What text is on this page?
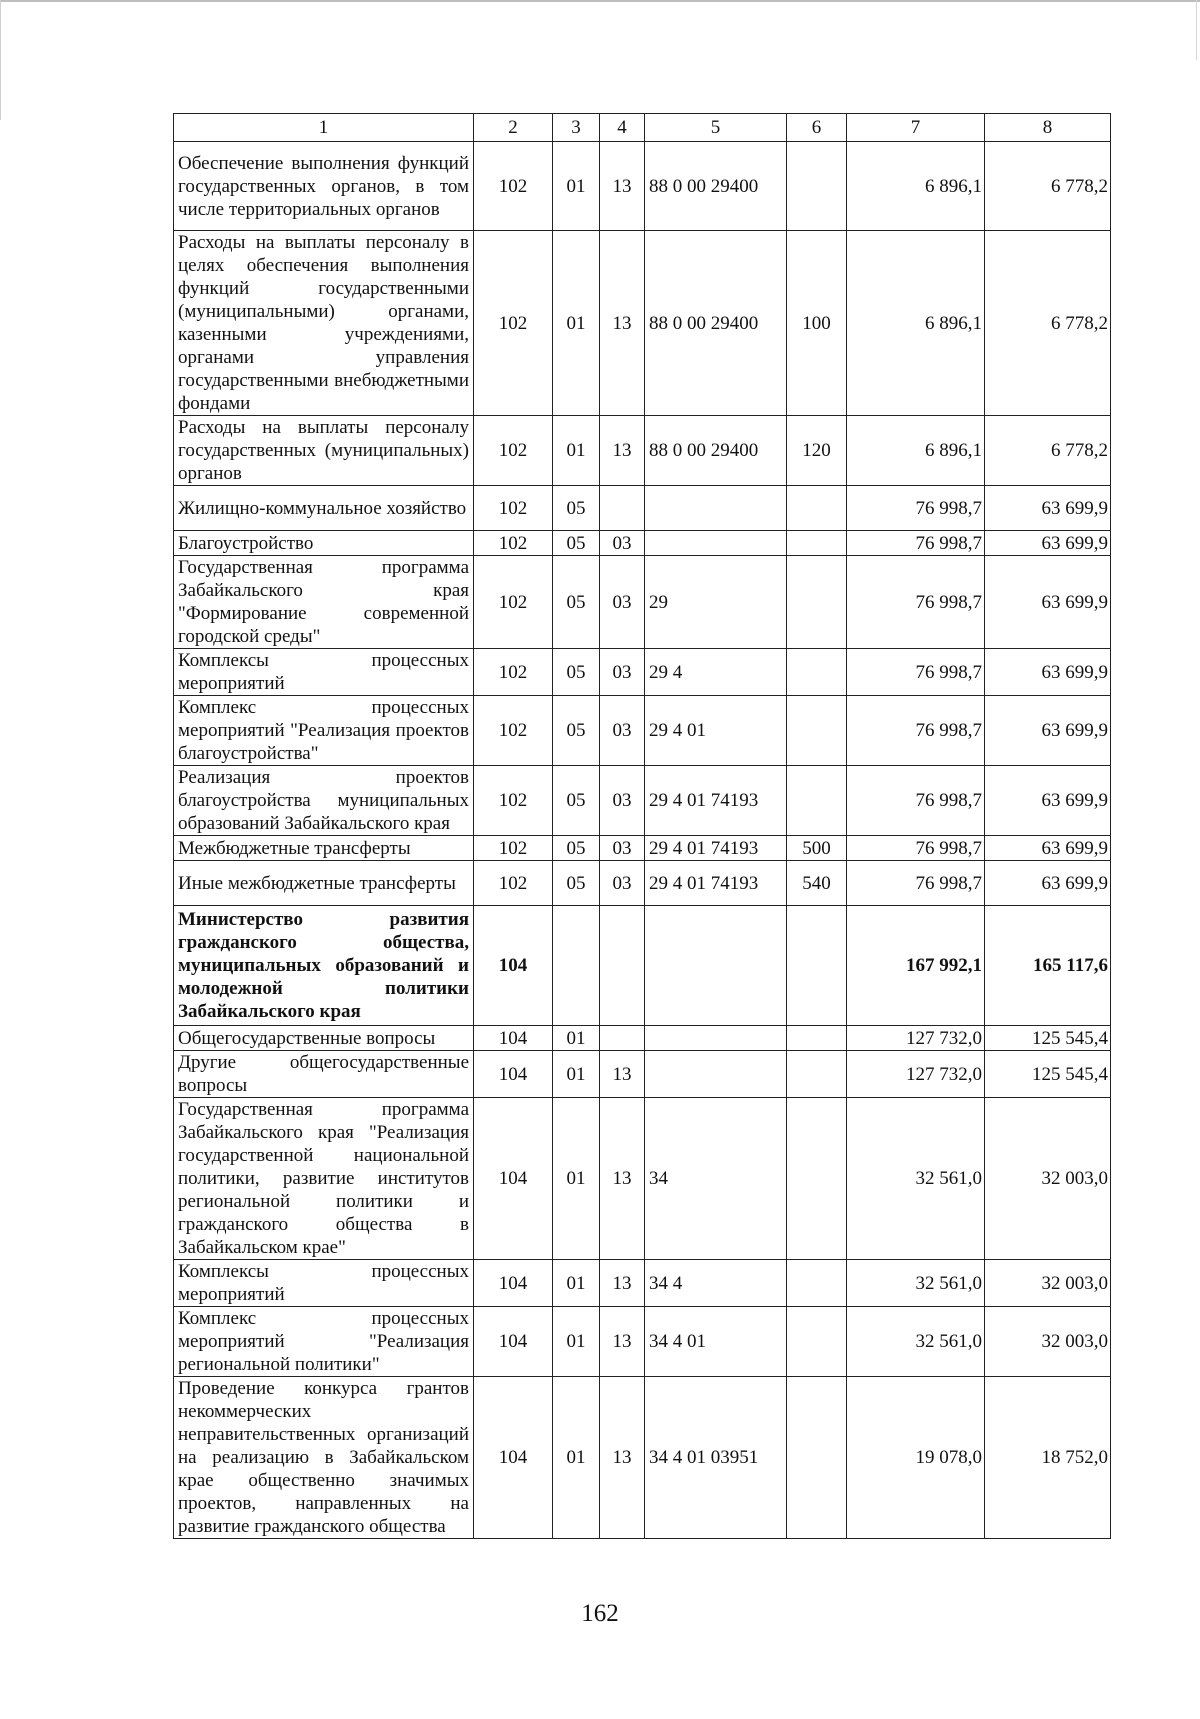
1	2	3	4	5	6	7	8
Обеспечение выполнения функций государственных органов, в том числе территориальных органов	102	01	13	88 0 00 29400		6 896,1	6 778,2
Расходы на выплаты персоналу в целях обеспечения выполнения функций государственными (муниципальными) органами, казенными учреждениями, органами управления государственными внебюджетными фондами	102	01	13	88 0 00 29400	100	6 896,1	6 778,2
Расходы на выплаты персоналу государственных (муниципальных) органов	102	01	13	88 0 00 29400	120	6 896,1	6 778,2
Жилищно-коммунальное хозяйство	102	05				76 998,7	63 699,9
Благоустройство	102	05	03			76 998,7	63 699,9
Государственная программа Забайкальского края "Формирование современной городской среды"	102	05	03	29		76 998,7	63 699,9
Комплексы процессных мероприятий	102	05	03	29 4		76 998,7	63 699,9
Комплекс процессных мероприятий "Реализация проектов благоустройства"	102	05	03	29 4 01		76 998,7	63 699,9
Реализация проектов благоустройства муниципальных образований Забайкальского края	102	05	03	29 4 01 74193		76 998,7	63 699,9
Межбюджетные трансферты	102	05	03	29 4 01 74193	500	76 998,7	63 699,9
Иные межбюджетные трансферты	102	05	03	29 4 01 74193	540	76 998,7	63 699,9
Министерство развития гражданского общества, муниципальных образований и молодежной политики Забайкальского края	104					167 992,1	165 117,6
Общегосударственные вопросы	104	01				127 732,0	125 545,4
Другие общегосударственные вопросы	104	01	13			127 732,0	125 545,4
Государственная программа Забайкальского края "Реализация государственной национальной политики, развитие институтов региональной политики и гражданского общества в Забайкальском крае"	104	01	13	34		32 561,0	32 003,0
Комплексы процессных мероприятий	104	01	13	34 4		32 561,0	32 003,0
Комплекс процессных мероприятий "Реализация региональной политики"	104	01	13	34 4 01		32 561,0	32 003,0
Проведение конкурса грантов некоммерческих неправительственных организаций на реализацию в Забайкальском крае общественно значимых проектов, направленных на развитие гражданского общества	104	01	13	34 4 01 03951		19 078,0	18 752,0
162
